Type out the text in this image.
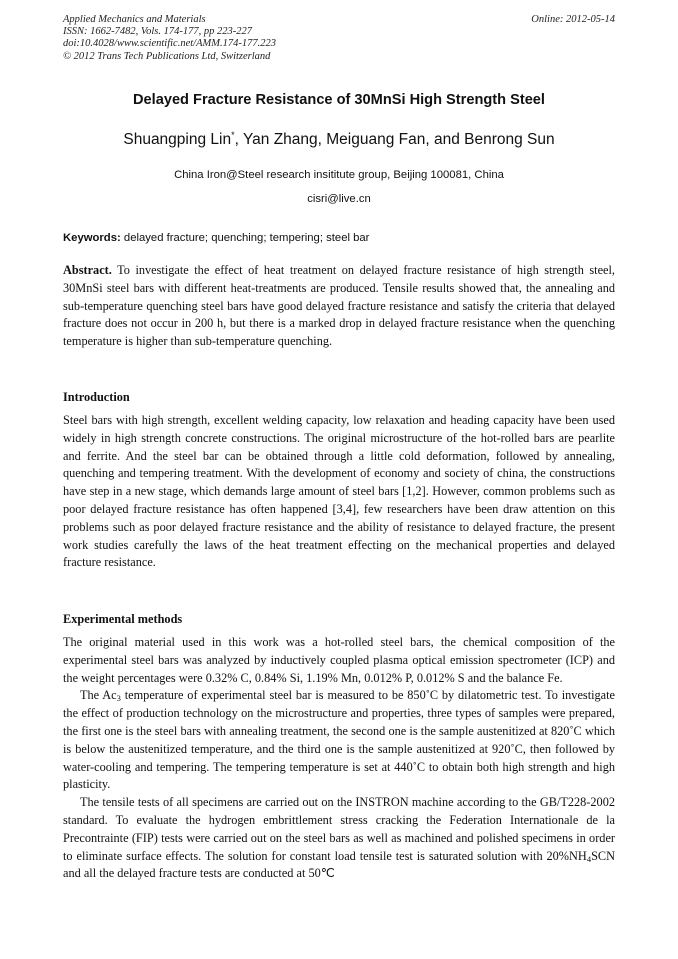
Applied Mechanics and Materials
ISSN: 1662-7482, Vols. 174-177, pp 223-227
doi:10.4028/www.scientific.net/AMM.174-177.223
© 2012 Trans Tech Publications Ltd, Switzerland
Online: 2012-05-14
Delayed Fracture Resistance of 30MnSi High Strength Steel
Shuangping Lin*, Yan Zhang, Meiguang Fan, and Benrong Sun
China Iron@Steel research insititute group, Beijing 100081, China
cisri@live.cn
Keywords: delayed fracture; quenching; tempering; steel bar
Abstract. To investigate the effect of heat treatment on delayed fracture resistance of high strength steel, 30MnSi steel bars with different heat-treatments are produced. Tensile results showed that, the annealing and sub-temperature quenching steel bars have good delayed fracture resistance and satisfy the criteria that delayed fracture does not occur in 200 h, but there is a marked drop in delayed fracture resistance when the quenching temperature is higher than sub-temperature quenching.
Introduction
Steel bars with high strength, excellent welding capacity, low relaxation and heading capacity have been used widely in high strength concrete constructions. The original microstructure of the hot-rolled bars are pearlite and ferrite. And the steel bar can be obtained through a little cold deformation, followed by annealing, quenching and tempering treatment. With the development of economy and society of china, the constructions have step in a new stage, which demands large amount of steel bars [1,2]. However, common problems such as poor delayed fracture resistance has often happened [3,4], few researchers have been draw attention on this problems such as poor delayed fracture resistance and the ability of resistance to delayed fracture, the present work studies carefully the laws of the heat treatment effecting on the mechanical properties and delayed fracture resistance.
Experimental methods

The original material used in this work was a hot-rolled steel bars, the chemical composition of the experimental steel bars was analyzed by inductively coupled plasma optical emission spectrometer (ICP) and the weight percentages were 0.32% C, 0.84% Si, 1.19% Mn, 0.012% P, 0.012% S and the balance Fe.

The $Ac_3$ temperature of experimental steel bar is measured to be 850˚C by dilatometric test. To investigate the effect of production technology on the microstructure and properties, three types of samples were prepared, the first one is the steel bars with annealing treatment, the second one is the sample austenitized at 820˚C which is below the austenitized temperature, and the third one is the sample austenitized at 920˚C, then followed by water-cooling and tempering. The tempering temperature is set at 440˚C to obtain both high strength and high plasticity.

The tensile tests of all specimens are carried out on the INSTRON machine according to the GB/T228-2002 standard. To evaluate the hydrogen embrittlement stress cracking the Federation Internationale de la Precontrainte (FIP) tests were carried out on the steel bars as well as machined and polished specimens in order to eliminate surface effects. The solution for constant load tensile test is saturated solution with $20\%NH_4SCN$ and all the delayed fracture tests are conducted at 50℃
